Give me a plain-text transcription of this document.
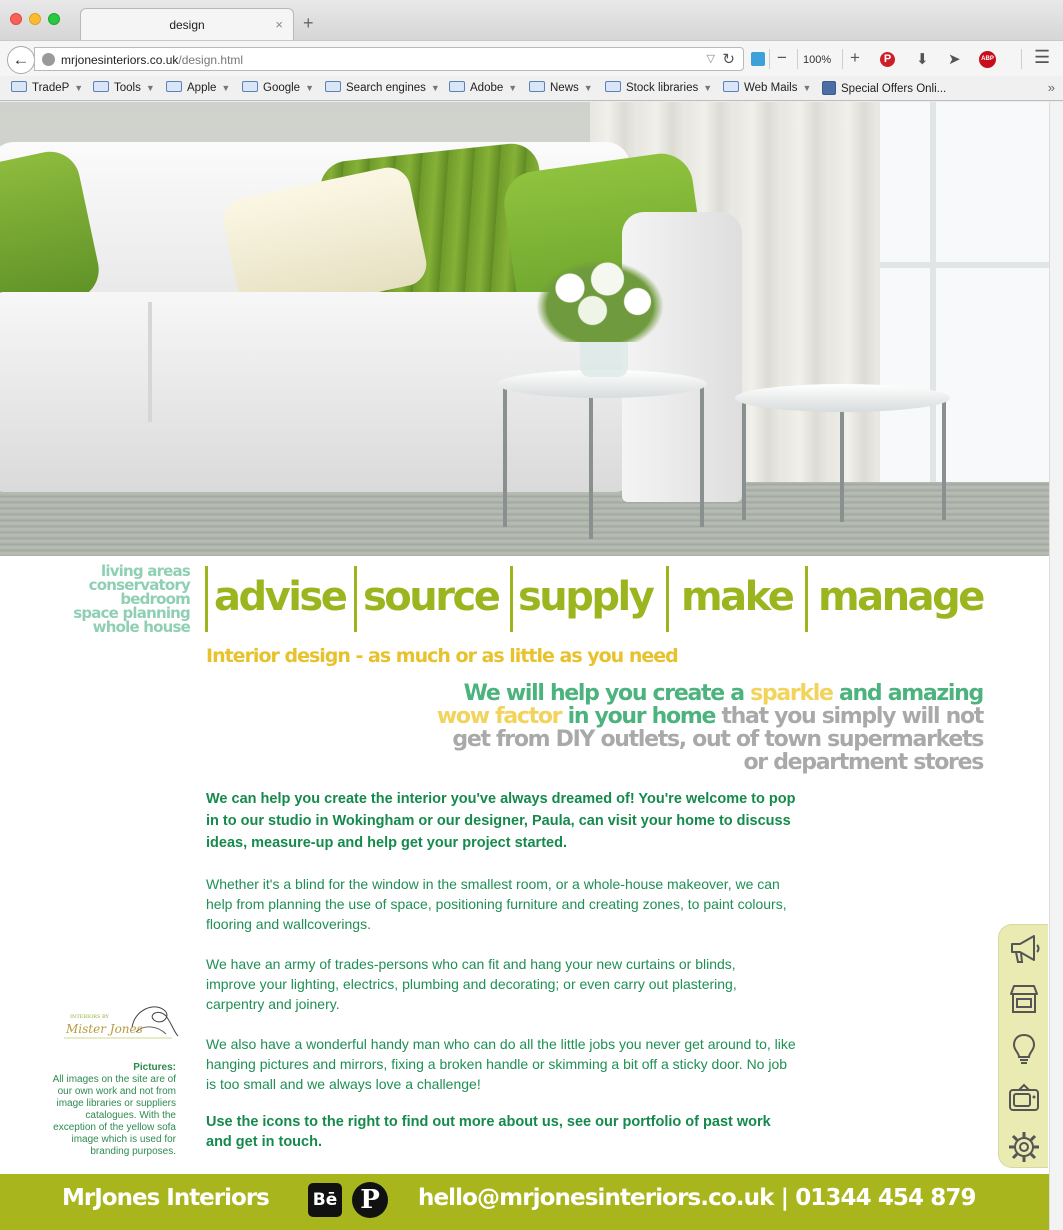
design	× +
←	mrjonesinteriors.co.uk/design.html	▽ ↻ − 100% +	P ⬇ ➤	ABP ☰
TradeP ▼	Tools ▼	Apple ▼	Google ▼	Search engines ▼	Adobe ▼	News ▼	Stock libraries ▼	Web Mails ▼	Special Offers Onli...	»
living areas
conservatory
bedroom
space planning
whole house
advise source supply make manage
Interior design - as much or as little as you need
We will help you create a sparkle and amazing wow factor in your home that you simply will not get from DIY outlets, out of town supermarkets or department stores

We can help you create the interior you've always dreamed of! You're welcome to pop in to our studio in Wokingham or our designer, Paula, can visit your home to discuss ideas, measure-up and help get your project started.

Whether it's a blind for the window in the smallest room, or a whole-house makeover, we can help from planning the use of space, positioning furniture and creating zones, to paint colours, flooring and wallcoverings.

We have an army of trades-persons who can fit and hang your new curtains or blinds, improve your lighting, electrics, plumbing and decorating; or even carry out plastering, carpentry and joinery.

We also have a wonderful handy man who can do all the little jobs you never get around to, like hanging pictures and mirrors, fixing a broken handle or skimming a bit off a sticky door. No job is too small and we always love a challenge!

Use the icons to the right to find out more about us, see our portfolio of past work and get in touch.

INTERIORS BY
Mister Jones
Pictures:
All images on the site are of our own work and not from image libraries or suppliers catalogues. With the exception of the yellow sofa image which is used for branding purposes.
MrJones Interiors	Bē P	hello@mrjonesinteriors.co.uk | 01344 454 879
